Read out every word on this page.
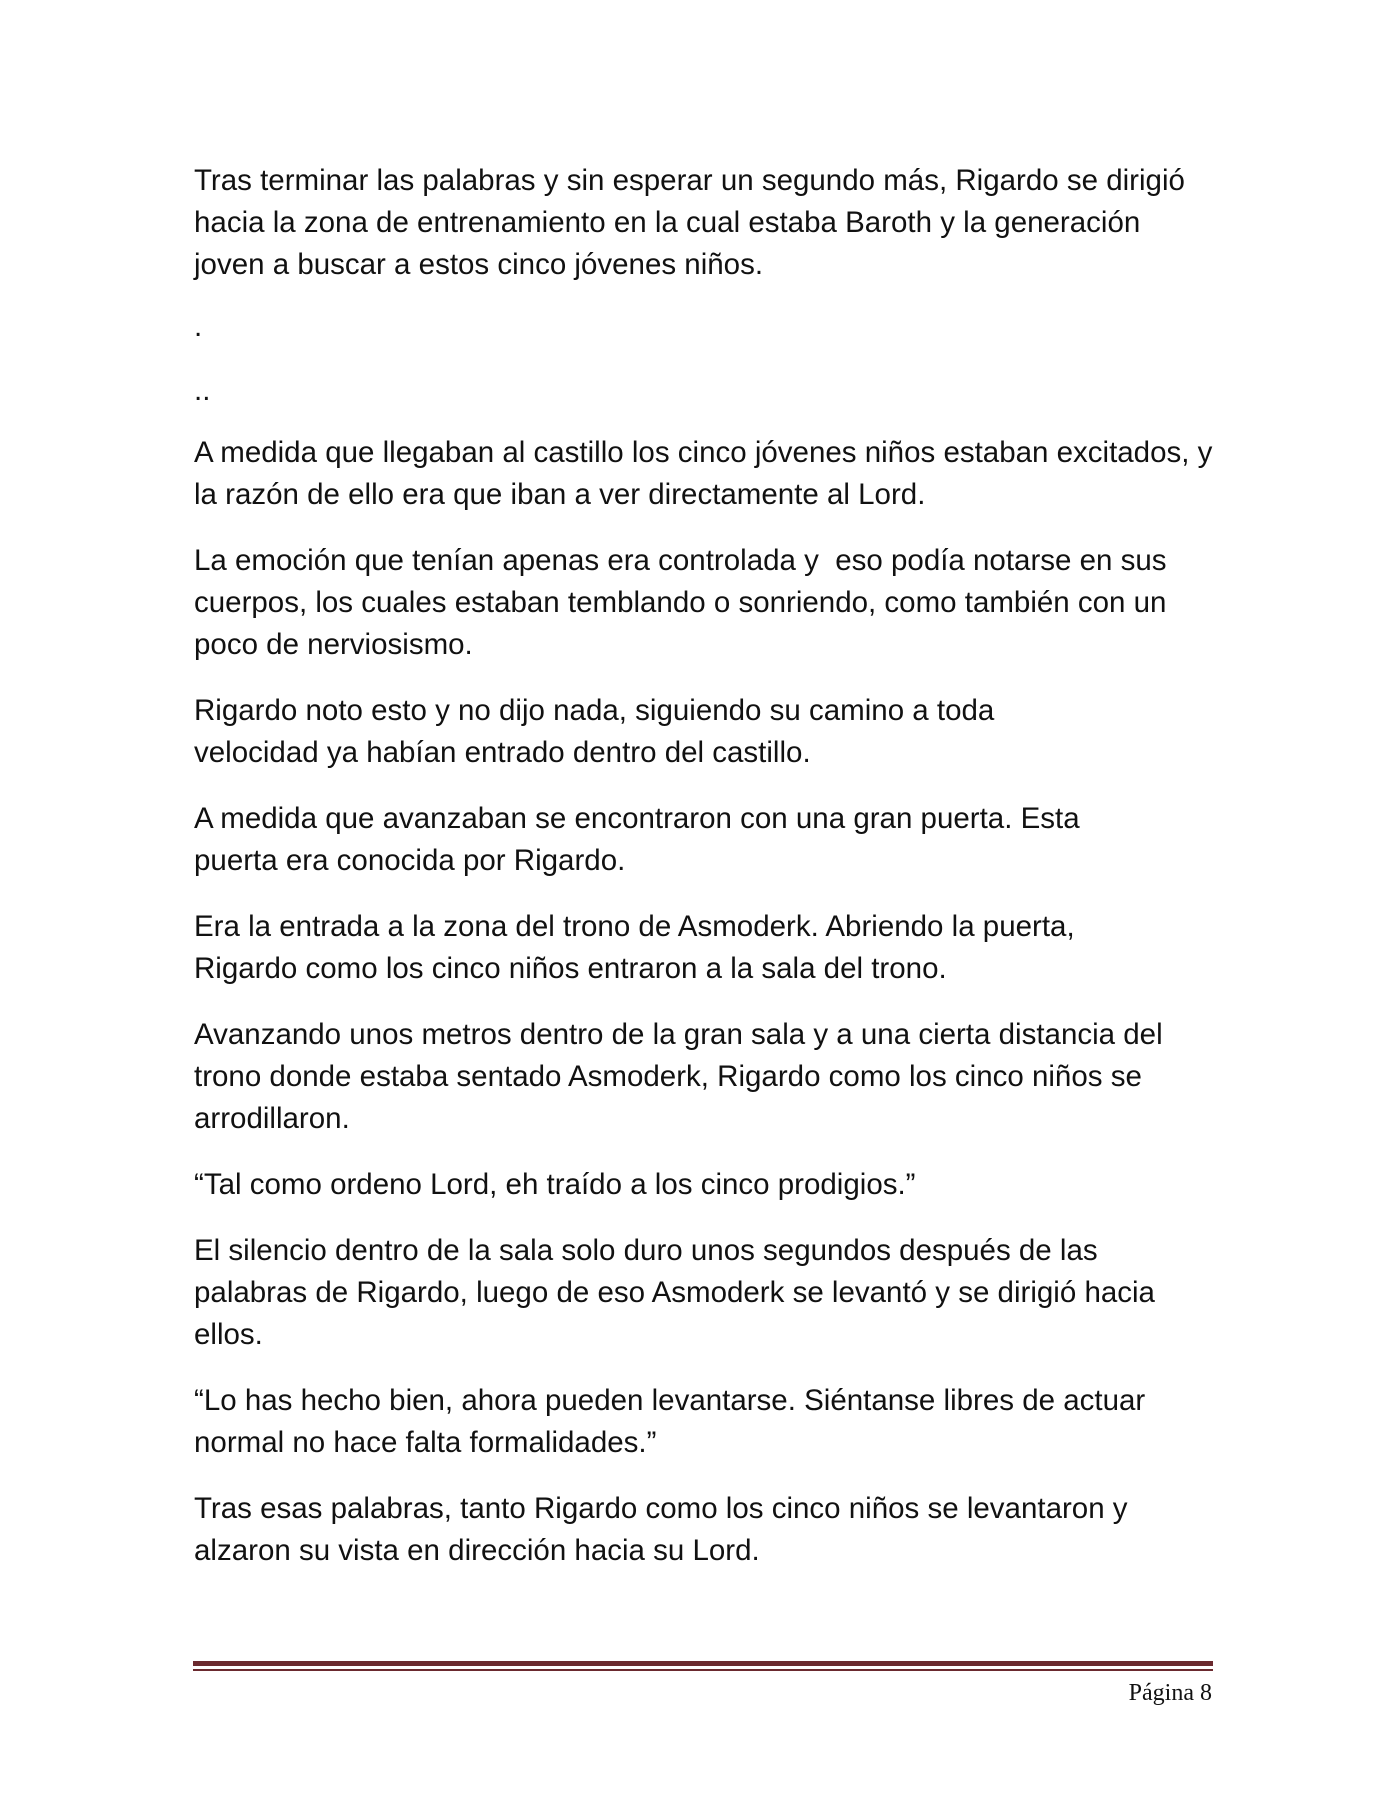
Tras terminar las palabras y sin esperar un segundo más, Rigardo se dirigió hacia la zona de entrenamiento en la cual estaba Baroth y la generación joven a buscar a estos cinco jóvenes niños.

.

..

A medida que llegaban al castillo los cinco jóvenes niños estaban excitados, y la razón de ello era que iban a ver directamente al Lord.

La emoción que tenían apenas era controlada y  eso podía notarse en sus cuerpos, los cuales estaban temblando o sonriendo, como también con un poco de nerviosismo.

Rigardo noto esto y no dijo nada, siguiendo su camino a toda velocidad ya habían entrado dentro del castillo.

A medida que avanzaban se encontraron con una gran puerta. Esta puerta era conocida por Rigardo.

Era la entrada a la zona del trono de Asmoderk. Abriendo la puerta, Rigardo como los cinco niños entraron a la sala del trono.

Avanzando unos metros dentro de la gran sala y a una cierta distancia del trono donde estaba sentado Asmoderk, Rigardo como los cinco niños se arrodillaron.

“Tal como ordeno Lord, eh traído a los cinco prodigios.”

El silencio dentro de la sala solo duro unos segundos después de las palabras de Rigardo, luego de eso Asmoderk se levantó y se dirigió hacia ellos.

“Lo has hecho bien, ahora pueden levantarse. Siéntanse libres de actuar normal no hace falta formalidades.”

Tras esas palabras, tanto Rigardo como los cinco niños se levantaron y alzaron su vista en dirección hacia su Lord.

Página 8
